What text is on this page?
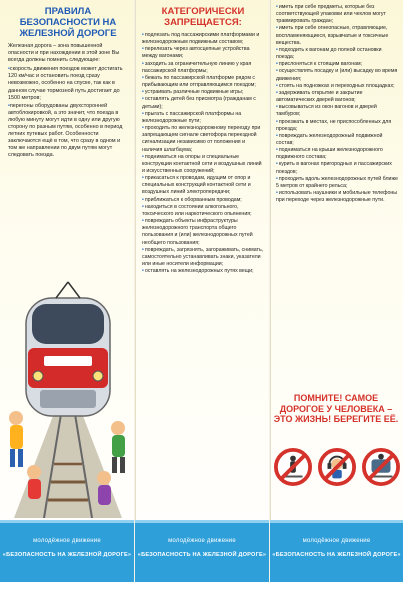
ПРАВИЛА БЕЗОПАСНОСТИ НА ЖЕЛЕЗНОЙ ДОРОГЕ

Железная дорога – зона повышенной опасности и при нахождении в этой зоне Вы всегда должны помнить следующее:

•скорость движения поездов может достигать 120 км/час и остановить поезд сразу невозможно, особенно на спуске, так как в данном случае тормозной путь достигает до 1500 метров;
•перегоны оборудованы двухсторонней автоблокировкой, а это значит, что поезда в любую минуту могут идти в одну или другую сторону по разным путям, особенно в период летних путевых работ. Особенности заключаются ещё в том, что сразу в одном и том же направлении по двум путям могут следовать поезда.
КАТЕГОРИЧЕСКИ ЗАПРЕЩАЕТСЯ:
• подлезать под пассажирскими платформами и железнодорожным подвижным составом;
• перелезать через автосцепные устройства между вагонами;
• заходить за ограничительную линию у края пассажирской платформы;
• бежать по пассажирской платформе рядом с прибывающим или отправляющимся поездом;
• устраивать различные подвижные игры;
• оставлять детей без присмотра (гражданам с детьми);
• прыгать с пассажирской платформы на железнодорожные пути;
• проходить по железнодорожному переезду при запрещающем сигнале светофора переездной сигнализации независимо от положения и наличия шлагбаума;
• подниматься на опоры и специальные конструкции контактной сети и воздушных линий и искусственных сооружений;
• прикасаться к проводам, идущим от опор и специальных конструкций контактной сети и воздушных линий электропередачи;
• приближаться к оборванным проводам;
• находиться в состоянии алкогольного, токсического или наркотического опьянения;
• повреждать объекты инфраструктуры железнодорожного транспорта общего пользования и (или) железнодорожных путей необщего пользования;
• повреждать, загрязнять, загораживать, снимать, самостоятельно устанавливать знаки, указатели или иные носители информации;
• оставлять на железнодорожных путях вещи;
• иметь при себе предметы, которые без соответствующей упаковки или чехлов могут травмировать граждан;
• иметь при себе огнеопасные, отравляющие, воспламеняющиеся, взрывчатые и токсичные вещества.
• подходить к вагонам до полной остановки поезда;
• прислоняться к стоящим вагонам;
• осуществлять посадку и (или) высадку во время движения;
• стоять на подножках и переходных площадках;
• задерживать открытие и закрытие автоматических дверей вагонов;
• высовываться из окон вагонов и дверей тамбуров;
• проезжать в местах, не приспособленных для проезда;
• повреждать железнодорожный подвижной состав;
• подниматься на крыши железнодорожного подвижного состава;
• курить в вагонах пригородных и пассажирских поездов;
• проходить вдоль железнодорожных путей ближе 5 метров от крайнего рельса;
• использовать наушники и мобильные телефоны при переходе через железнодорожные пути.
ПОМНИТЕ! САМОЕ ДОРОГОЕ У ЧЕЛОВЕКА – ЭТО ЖИЗНЬ! БЕРЕГИТЕ ЕЁ.
молодёжное движение
«БЕЗОПАСНОСТЬ НА ЖЕЛЕЗНОЙ ДОРОГЕ»
молодёжное движение
«БЕЗОПАСНОСТЬ НА ЖЕЛЕЗНОЙ ДОРОГЕ»
молодёжное движение
«БЕЗОПАСНОСТЬ НА ЖЕЛЕЗНОЙ ДОРОГЕ»
